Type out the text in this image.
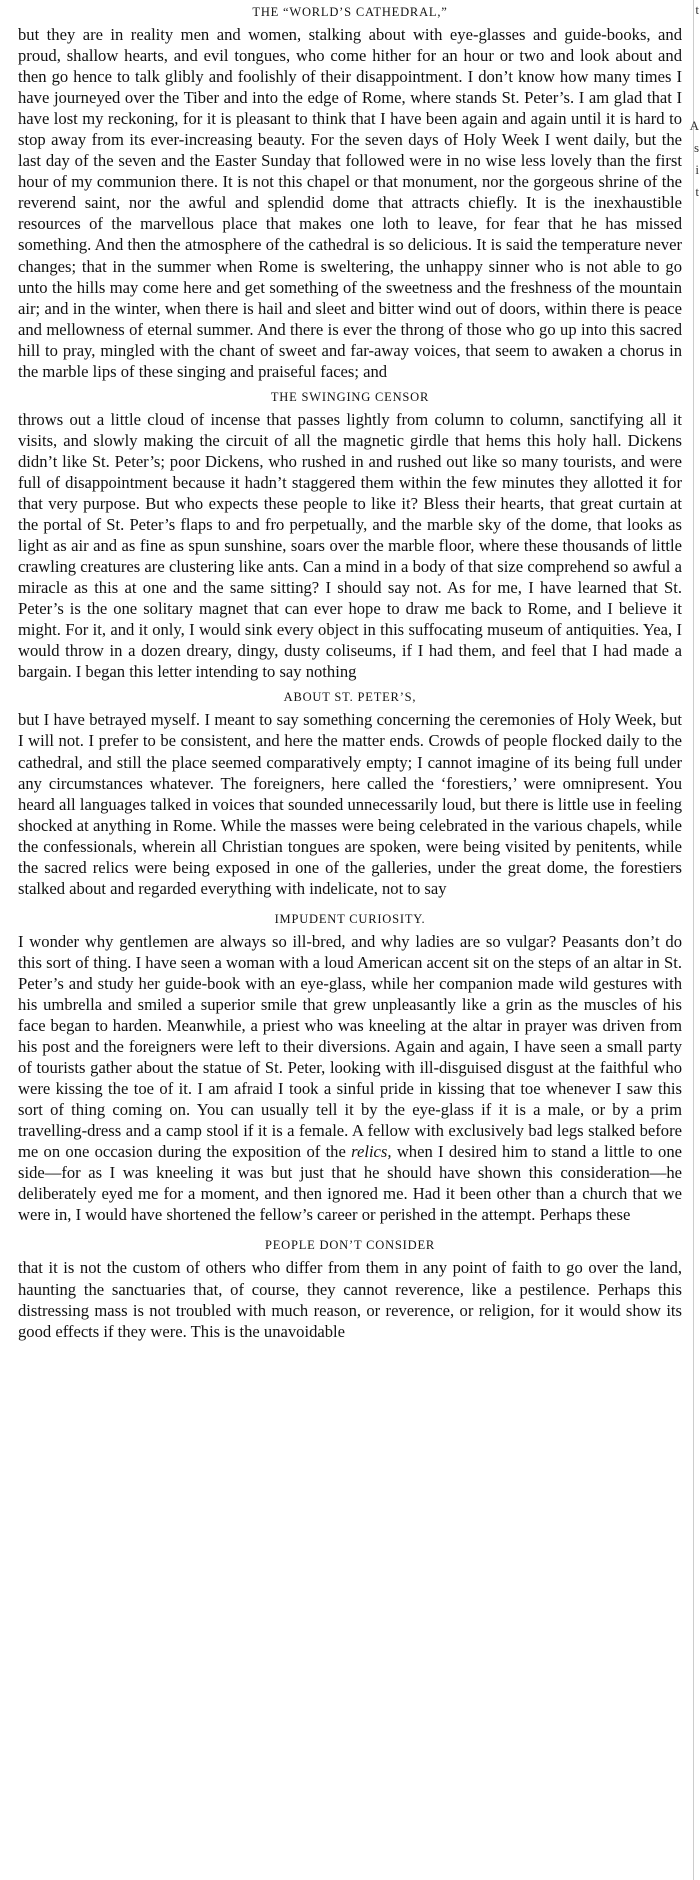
THE “WORLD’S CATHEDRAL,”

but they are in reality men and women, stalking about with eye-glasses and guide-books, and proud, shallow hearts, and evil tongues, who come hither for an hour or two and look about and then go hence to talk glibly and foolishly of their disappointment. I don’t know how many times I have journeyed over the Tiber and into the edge of Rome, where stands St. Peter’s. I am glad that I have lost my reckoning, for it is pleasant to think that I have been again and again until it is hard to stop away from its ever-increasing beauty. For the seven days of Holy Week I went daily, but the last day of the seven and the Easter Sunday that followed were in no wise less lovely than the first hour of my communion there. It is not this chapel or that monument, nor the gorgeous shrine of the reverend saint, nor the awful and splendid dome that attracts chiefly. It is the inexhaustible resources of the marvellous place that makes one loth to leave, for fear that he has missed something. And then the atmosphere of the cathedral is so delicious. It is said the temperature never changes; that in the summer when Rome is sweltering, the unhappy sinner who is not able to go unto the hills may come here and get something of the sweetness and the freshness of the mountain air; and in the winter, when there is hail and sleet and bitter wind out of doors, within there is peace and mellowness of eternal summer. And there is ever the throng of those who go up into this sacred hill to pray, mingled with the chant of sweet and far-away voices, that seem to awaken a chorus in the marble lips of these singing and praiseful faces; and

THE SWINGING CENSOR

throws out a little cloud of incense that passes lightly from column to column, sanctifying all it visits, and slowly making the circuit of all the magnetic girdle that hems this holy hall. Dickens didn’t like St. Peter’s; poor Dickens, who rushed in and rushed out like so many tourists, and were full of disappointment because it hadn’t staggered them within the few minutes they allotted it for that very purpose. But who expects these people to like it? Bless their hearts, that great curtain at the portal of St. Peter’s flaps to and fro perpetually, and the marble sky of the dome, that looks as light as air and as fine as spun sunshine, soars over the marble floor, where these thousands of little crawling creatures are clustering like ants. Can a mind in a body of that size comprehend so awful a miracle as this at one and the same sitting? I should say not. As for me, I have learned that St. Peter’s is the one solitary magnet that can ever hope to draw me back to Rome, and I believe it might. For it, and it only, I would sink every object in this suffocating museum of antiquities. Yea, I would throw in a dozen dreary, dingy, dusty coliseums, if I had them, and feel that I had made a bargain. I began this letter intending to say nothing

ABOUT ST. PETER’S,

but I have betrayed myself. I meant to say something concerning the ceremonies of Holy Week, but I will not. I prefer to be consistent, and here the matter ends. Crowds of people flocked daily to the cathedral, and still the place seemed comparatively empty; I cannot imagine of its being full under any circumstances whatever. The foreigners, here called the ‘forestiers,’ were omnipresent. You heard all languages talked in voices that sounded unnecessarily loud, but there is little use in feeling shocked at anything in Rome. While the masses were being celebrated in the various chapels, while the confessionals, wherein all Christian tongues are spoken, were being visited by penitents, while the sacred relics were being exposed in one of the galleries, under the great dome, the forestiers stalked about and regarded everything with indelicate, not to say

IMPUDENT CURIOSITY.

I wonder why gentlemen are always so ill-bred, and why ladies are so vulgar? Peasants don’t do this sort of thing. I have seen a woman with a loud American accent sit on the steps of an altar in St. Peter’s and study her guide-book with an eye-glass, while her companion made wild gestures with his umbrella and smiled a superior smile that grew unpleasantly like a grin as the muscles of his face began to harden. Meanwhile, a priest who was kneeling at the altar in prayer was driven from his post and the foreigners were left to their diversions. Again and again, I have seen a small party of tourists gather about the statue of St. Peter, looking with ill-disguised disgust at the faithful who were kissing the toe of it. I am afraid I took a sinful pride in kissing that toe whenever I saw this sort of thing coming on. You can usually tell it by the eye-glass if it is a male, or by a prim travelling-dress and a camp stool if it is a female. A fellow with exclusively bad legs stalked before me on one occasion during the exposition of the relics, when I desired him to stand a little to one side—for as I was kneeling it was but just that he should have shown this consideration—he deliberately eyed me for a moment, and then ignored me. Had it been other than a church that we were in, I would have shortened the fellow’s career or perished in the attempt. Perhaps these

PEOPLE DON’T CONSIDER

that it is not the custom of others who differ from them in any point of faith to go over the land, haunting the sanctuaries that, of course, they cannot reverence, like a pestilence. Perhaps this distressing mass is not troubled with much reason, or reverence, or religion, for it would show its good effects if they were. This is the unavoidable

t
A
s
i
t
